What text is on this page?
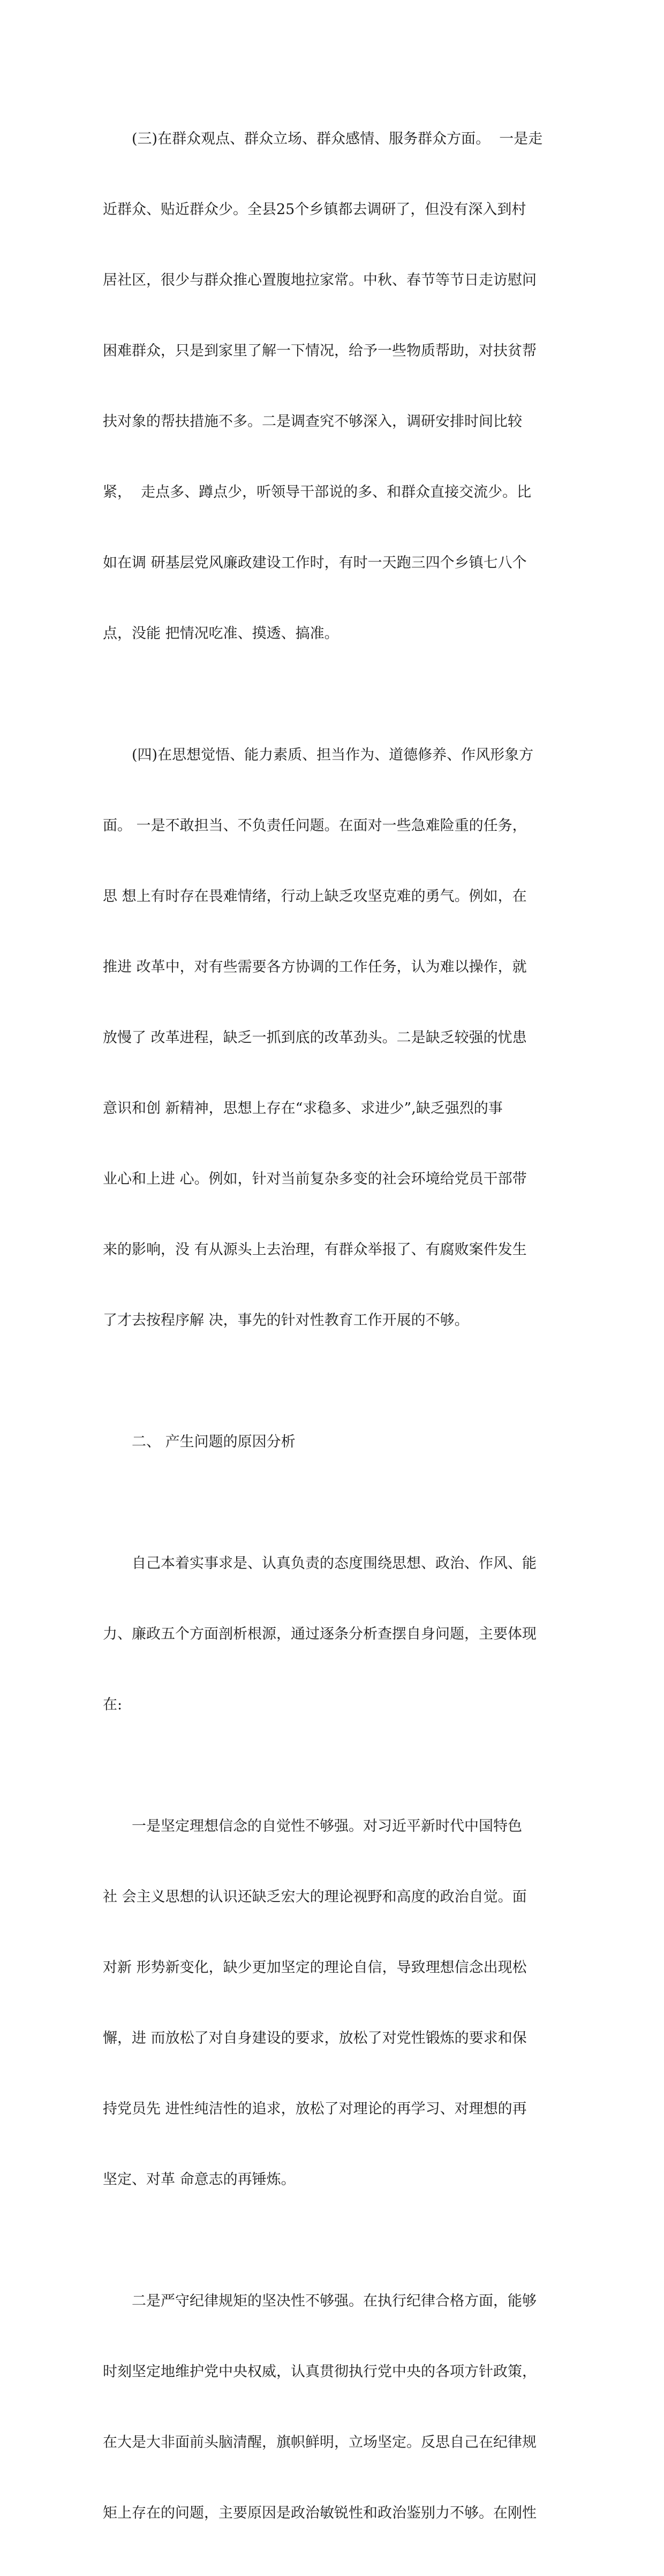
(三)在群众观点、群众立场、群众感情、服务群众方面。  一是走

近群众、贴近群众少。全县25个乡镇都去调研了，但没有深入到村

居社区，很少与群众推心置腹地拉家常。中秋、春节等节日走访慰问

困难群众，只是到家里了解一下情况，给予一些物质帮助，对扶贫帮

扶对象的帮扶措施不多。二是调查究不够深入，调研安排时间比较

紧，  走点多、蹲点少，听领导干部说的多、和群众直接交流少。比

如在调 研基层党风廉政建设工作时，有时一天跑三四个乡镇七八个

点，没能 把情况吃准、摸透、搞准。

(四)在思想觉悟、能力素质、担当作为、道德修养、作风形象方

面。 一是不敢担当、不负责任问题。在面对一些急难险重的任务，

思 想上有时存在畏难情绪，行动上缺乏攻坚克难的勇气。例如，在

推进 改革中，对有些需要各方协调的工作任务，认为难以操作，就

放慢了 改革进程，缺乏一抓到底的改革劲头。二是缺乏较强的忧患

意识和创 新精神，思想上存在“求稳多、求进少”,缺乏强烈的事

业心和上进 心。例如，针对当前复杂多变的社会环境给党员干部带

来的影响，没 有从源头上去治理，有群众举报了、有腐败案件发生

了才去按程序解 决，事先的针对性教育工作开展的不够。

二、 产生问题的原因分析

自己本着实事求是、认真负责的态度围绕思想、政治、作风、能

力、廉政五个方面剖析根源，通过逐条分析查摆自身问题，主要体现

在:

一是坚定理想信念的自觉性不够强。对习近平新时代中国特色

社 会主义思想的认识还缺乏宏大的理论视野和高度的政治自觉。面

对新 形势新变化，缺少更加坚定的理论自信，导致理想信念出现松

懈，进 而放松了对自身建设的要求，放松了对党性锻炼的要求和保

持党员先 进性纯洁性的追求，放松了对理论的再学习、对理想的再

坚定、对革 命意志的再锤炼。

二是严守纪律规矩的坚决性不够强。在执行纪律合格方面，能够

时刻坚定地维护党中央权威，认真贯彻执行党中央的各项方针政策，

在大是大非面前头脑清醒，旗帜鲜明，立场坚定。反思自己在纪律规

矩上存在的问题，主要原因是政治敏锐性和政治鉴别力不够。在刚性
